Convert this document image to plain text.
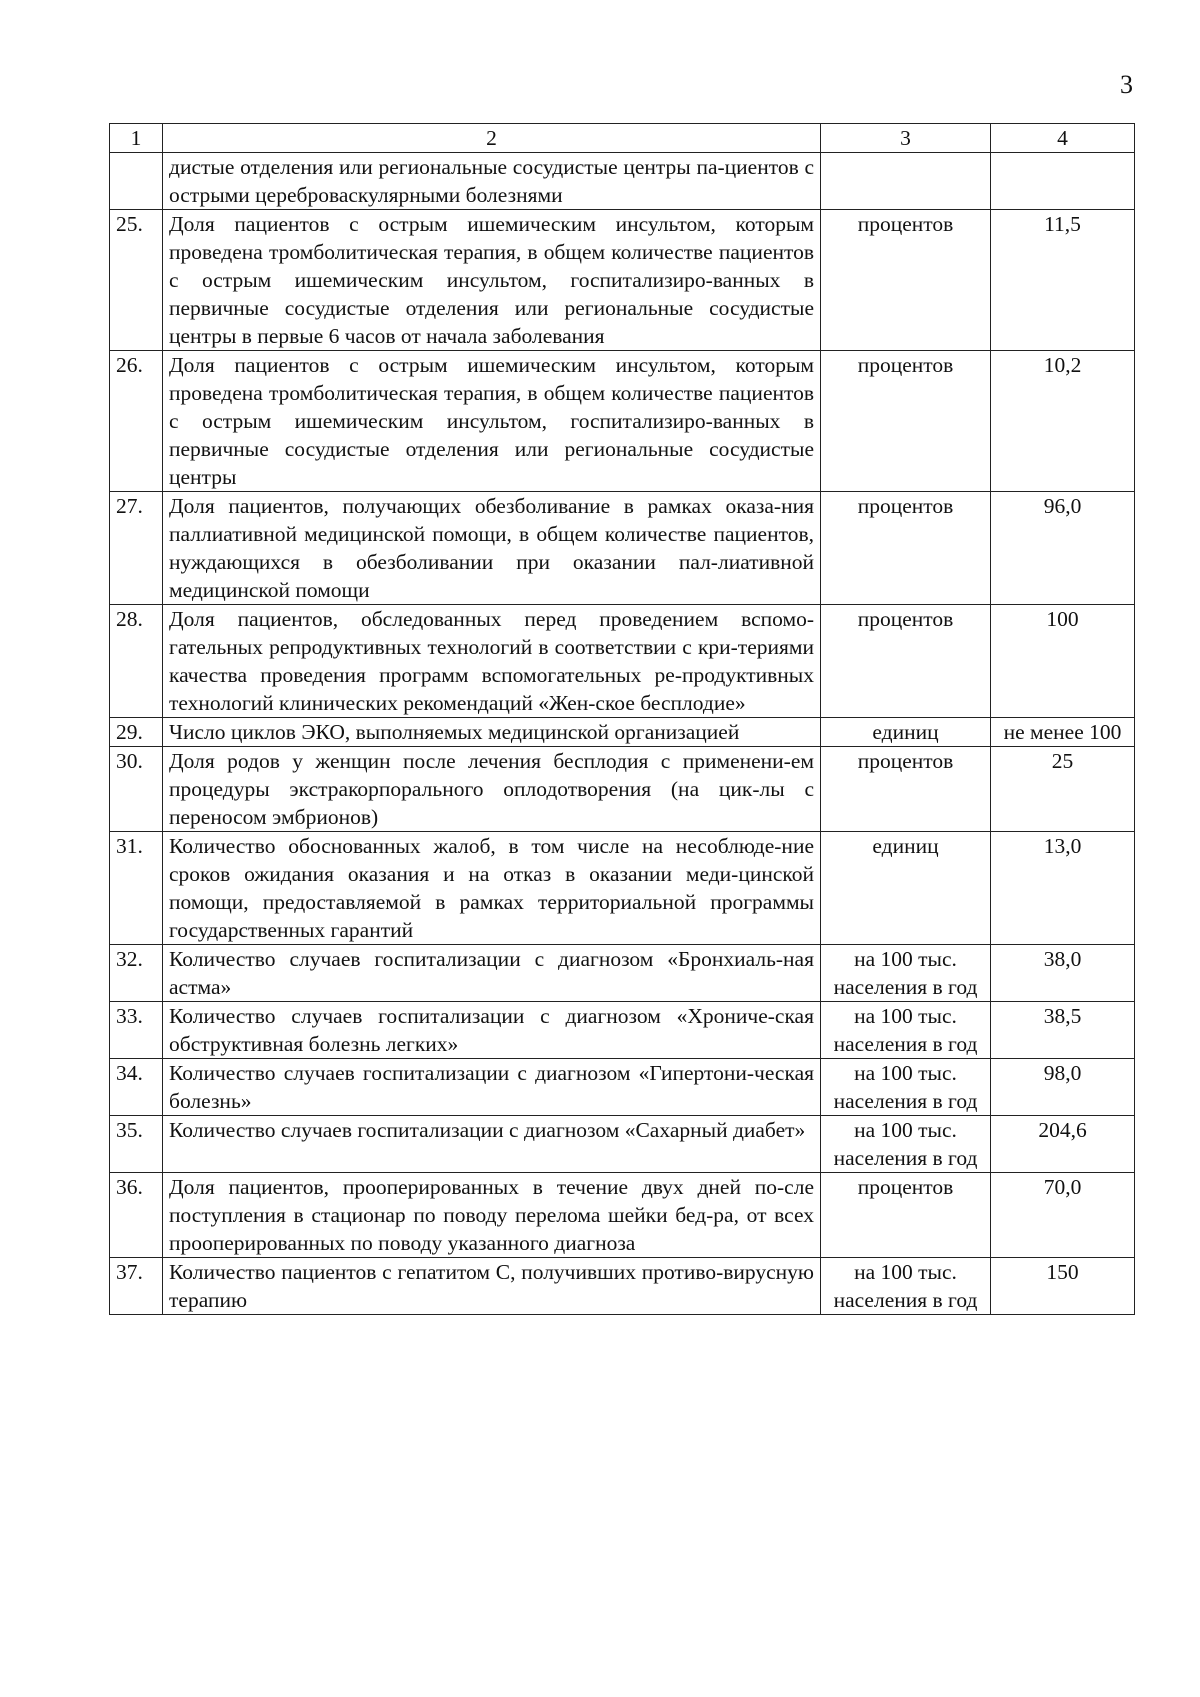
3
1	2	3	4
	дистые отделения или региональные сосудистые центры па-циентов с острыми цереброваскулярными болезнями		
25.	Доля пациентов с острым ишемическим инсультом, которым проведена тромболитическая терапия, в общем количестве пациентов с острым ишемическим инсультом, госпитализиро-ванных в первичные сосудистые отделения или региональные сосудистые центры в первые 6 часов от начала заболевания	процентов	11,5
26.	Доля пациентов с острым ишемическим инсультом, которым проведена тромболитическая терапия, в общем количестве пациентов с острым ишемическим инсультом, госпитализиро-ванных в первичные сосудистые отделения или региональные сосудистые центры	процентов	10,2
27.	Доля пациентов, получающих обезболивание в рамках оказа-ния паллиативной медицинской помощи, в общем количестве пациентов, нуждающихся в обезболивании при оказании пал-лиативной медицинской помощи	процентов	96,0
28.	Доля пациентов, обследованных перед проведением вспомо-гательных репродуктивных технологий в соответствии с кри-териями качества проведения программ вспомогательных ре-продуктивных технологий клинических рекомендаций «Жен-ское бесплодие»	процентов	100
29.	Число циклов ЭКО, выполняемых медицинской организацией	единиц	не менее 100
30.	Доля родов у женщин после лечения бесплодия с применени-ем процедуры экстракорпорального оплодотворения (на цик-лы с переносом эмбрионов)	процентов	25
31.	Количество обоснованных жалоб, в том числе на несоблюде-ние сроков ожидания оказания и на отказ в оказании меди-цинской помощи, предоставляемой в рамках территориальной программы государственных гарантий	единиц	13,0
32.	Количество случаев госпитализации с диагнозом «Бронхиаль-ная астма»	на 100 тыс. населения в год	38,0
33.	Количество случаев госпитализации с диагнозом «Хрониче-ская обструктивная болезнь легких»	на 100 тыс. населения в год	38,5
34.	Количество случаев госпитализации с диагнозом «Гипертони-ческая болезнь»	на 100 тыс. населения в год	98,0
35.	Количество случаев госпитализации с диагнозом «Сахарный диабет»	на 100 тыс. населения в год	204,6
36.	Доля пациентов, прооперированных в течение двух дней по-сле поступления в стационар по поводу перелома шейки бед-ра, от всех прооперированных по поводу указанного диагноза	процентов	70,0
37.	Количество пациентов с гепатитом С, получивших противо-вирусную терапию	на 100 тыс. населения в год	150
